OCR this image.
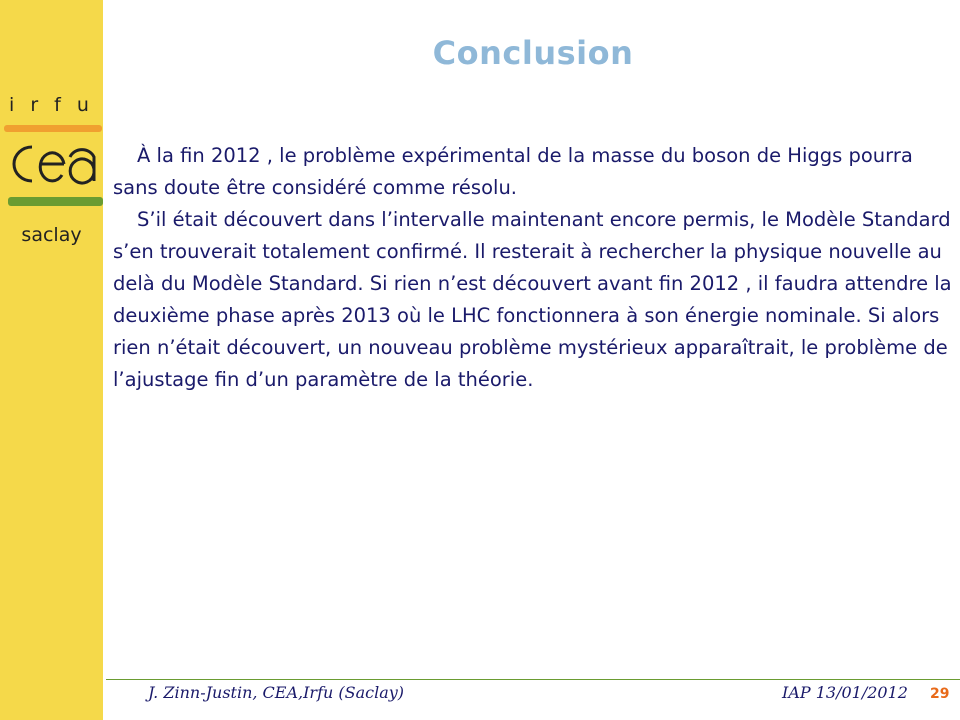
i r f u
saclay
Conclusion

À la fin 2012 , le problème expérimental de la masse du boson de Higgs pourra sans doute être considéré comme résolu.

S’il était découvert dans l’intervalle maintenant encore permis, le Modèle Standard s’en trouverait totalement confirmé. Il resterait à rechercher la physique nouvelle au delà du Modèle Standard. Si rien n’est découvert avant fin 2012 , il faudra attendre la deuxième phase après 2013 où le LHC fonctionnera à son énergie nominale. Si alors rien n’était découvert, un nouveau problème mystérieux apparaîtrait, le problème de l’ajustage fin d’un paramètre de la théorie.

J. Zinn-Justin, CEA,Irfu (Saclay)	IAP 13/01/2012 29
